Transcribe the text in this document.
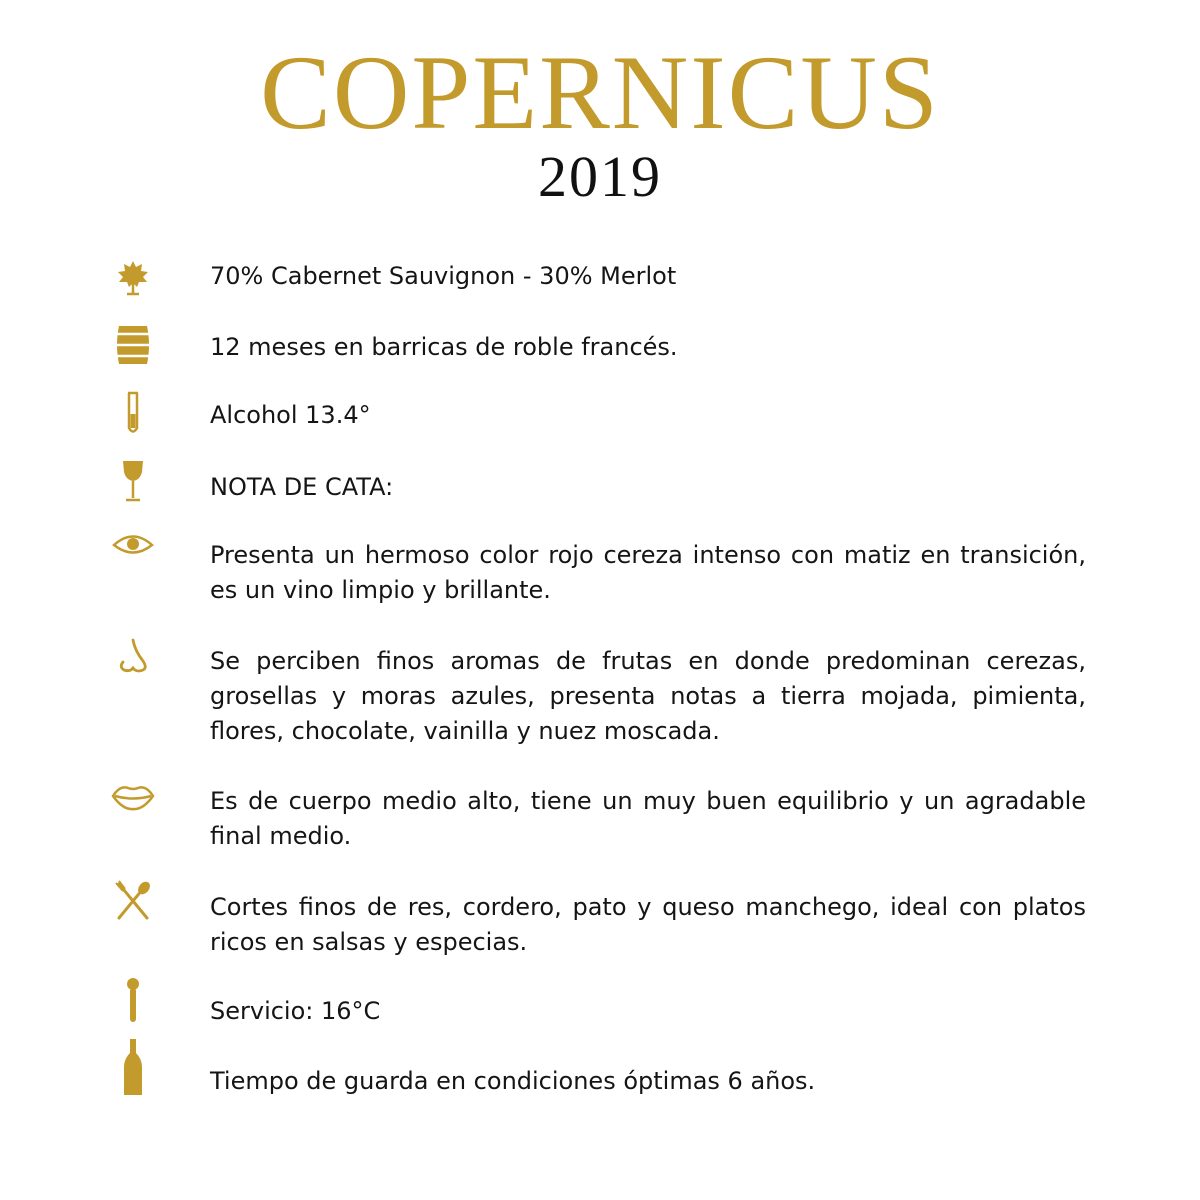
COPERNICUS
2019
70% Cabernet Sauvignon - 30% Merlot
12 meses en barricas de roble francés.
Alcohol 13.4°
NOTA DE CATA:
Presenta un hermoso color rojo cereza intenso con matiz en transición, es un vino limpio y brillante.
Se perciben finos aromas de frutas en donde predominan cerezas, grosellas y moras azules, presenta notas a tierra mojada, pimienta, flores, chocolate, vainilla y nuez moscada.
Es de cuerpo medio alto, tiene un muy buen equilibrio y un agradable final medio.
Cortes finos de res, cordero, pato y queso manchego, ideal con platos ricos en salsas y especias.
Servicio: 16°C
Tiempo de guarda en condiciones óptimas 6 años.
